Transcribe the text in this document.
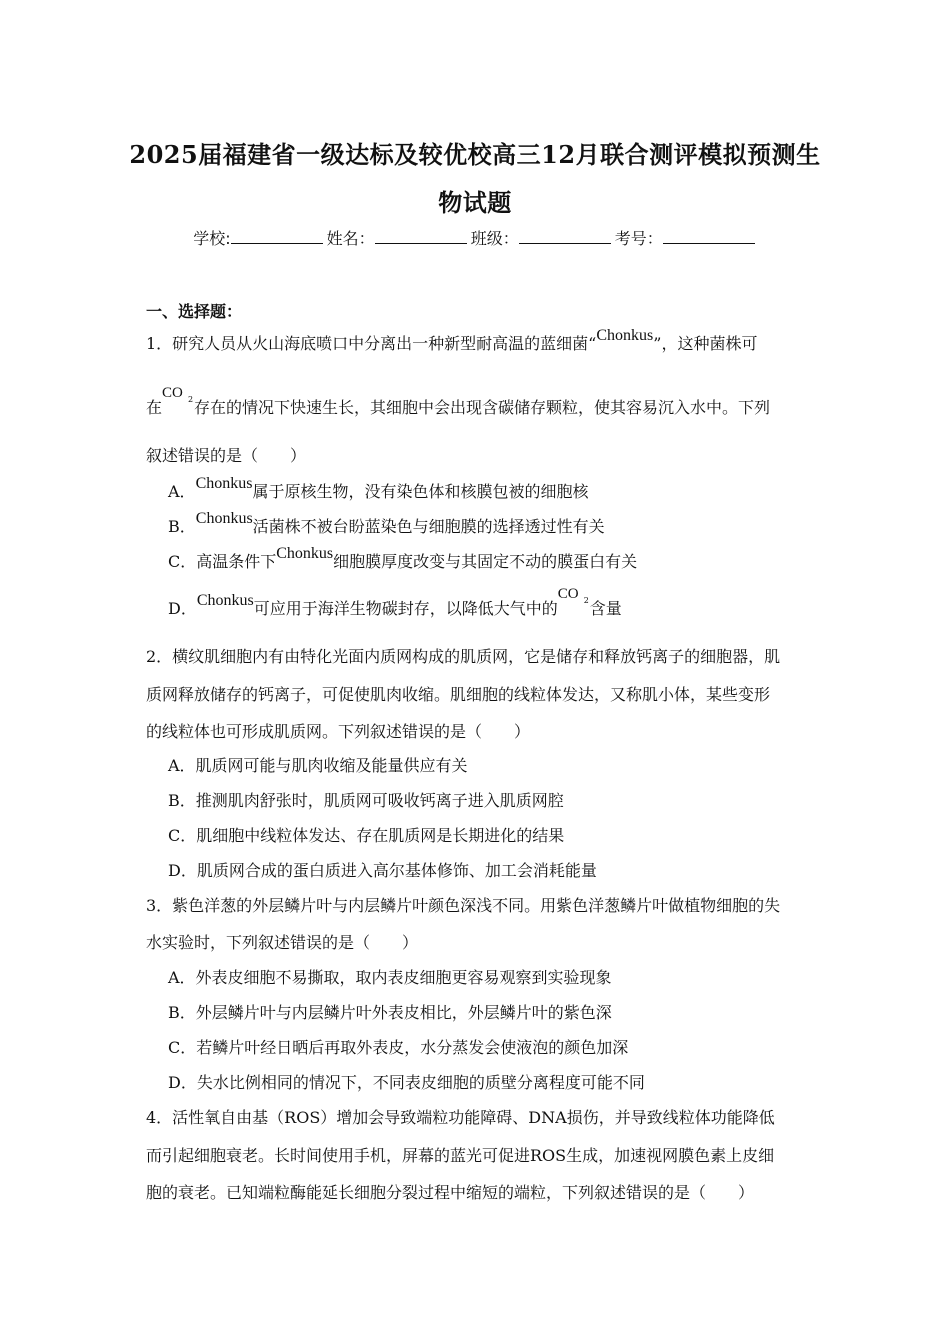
2025届福建省一级达标及较优校高三12月联合测评模拟预测生
物试题
学校:	姓名：	班级：	考号：
一、选择题：
1．研究人员从火山海底喷口中分离出一种新型耐高温的蓝细菌“Chonkus”，这种菌株可
在
CO 2 存在的情况下快速生长，其细胞中会出现含碳储存颗粒，使其容易沉入水中。下列
叙述错误的是（　　）
A．Chonkus属于原核生物，没有染色体和核膜包被的细胞核
B．Chonkus活菌株不被台盼蓝染色与细胞膜的选择透过性有关
C．高温条件下Chonkus细胞膜厚度改变与其固定不动的膜蛋白有关
D．Chonkus可应用于海洋生物碳封存，以降低大气中的
CO 2 含量
2．横纹肌细胞内有由特化光面内质网构成的肌质网，它是储存和释放钙离子的细胞器，肌
质网释放储存的钙离子，可促使肌肉收缩。肌细胞的线粒体发达，又称肌小体，某些变形
的线粒体也可形成肌质网。下列叙述错误的是（　　）
A．肌质网可能与肌肉收缩及能量供应有关
B．推测肌肉舒张时，肌质网可吸收钙离子进入肌质网腔
C．肌细胞中线粒体发达、存在肌质网是长期进化的结果
D．肌质网合成的蛋白质进入高尔基体修饰、加工会消耗能量
3．紫色洋葱的外层鳞片叶与内层鳞片叶颜色深浅不同。用紫色洋葱鳞片叶做植物细胞的失
水实验时，下列叙述错误的是（　　）
A．外表皮细胞不易撕取，取内表皮细胞更容易观察到实验现象
B．外层鳞片叶与内层鳞片叶外表皮相比，外层鳞片叶的紫色深
C．若鳞片叶经日晒后再取外表皮，水分蒸发会使液泡的颜色加深
D．失水比例相同的情况下，不同表皮细胞的质壁分离程度可能不同
4．活性氧自由基（ROS）增加会导致端粒功能障碍、DNA损伤，并导致线粒体功能降低
而引起细胞衰老。长时间使用手机，屏幕的蓝光可促进ROS生成，加速视网膜色素上皮细
胞的衰老。已知端粒酶能延长细胞分裂过程中缩短的端粒，下列叙述错误的是（　　）
